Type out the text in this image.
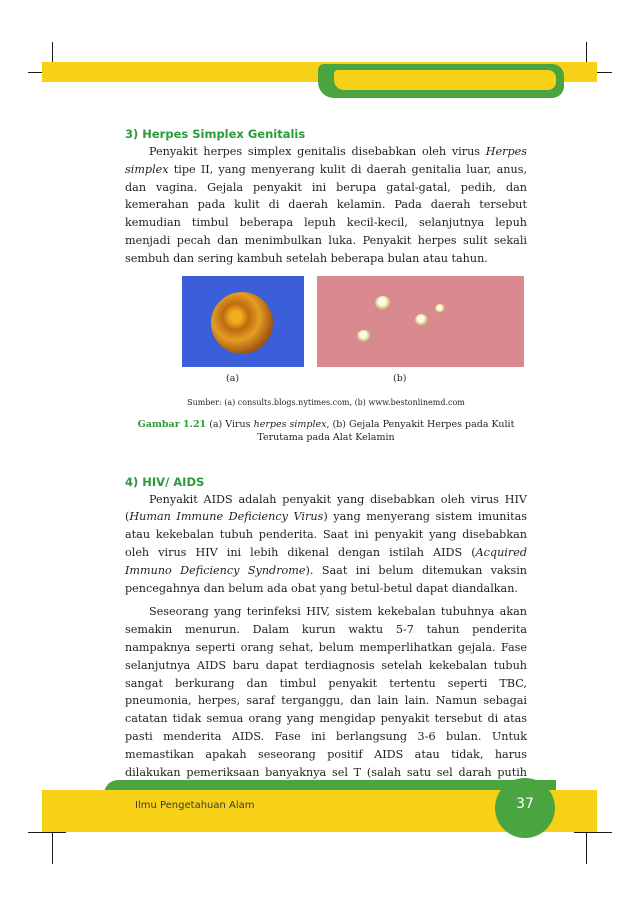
3) Herpes Simplex Genitalis

Penyakit herpes simplex genitalis disebabkan oleh virus Herpes simplex tipe II, yang menyerang kulit di daerah genitalia luar, anus, dan vagina. Gejala penyakit ini berupa gatal-gatal, pedih, dan kemerahan pada kulit di daerah kelamin. Pada daerah tersebut kemudian timbul beberapa lepuh kecil-kecil, selanjutnya lepuh menjadi pecah dan menimbulkan luka. Penyakit herpes sulit sekali sembuh dan sering kambuh setelah beberapa bulan atau tahun.

(a)	(b)
Sumber: (a) consults.blogs.nytimes.com, (b) www.bestonlinemd.com
Gambar 1.21 (a) Virus herpes simplex, (b) Gejala Penyakit Herpes pada Kulit
Terutama pada Alat Kelamin
4) HIV/ AIDS

Penyakit AIDS adalah penyakit yang disebabkan oleh virus HIV (Human Immune Deficiency Virus) yang menyerang sistem imunitas atau kekebalan tubuh penderita. Saat ini penyakit yang disebabkan oleh virus HIV ini lebih dikenal dengan istilah AIDS (Acquired Immuno Deficiency Syndrome). Saat ini belum ditemukan vaksin pencegahnya dan belum ada obat yang betul-betul dapat diandalkan.

Seseorang yang terinfeksi HIV, sistem kekebalan tubuhnya akan semakin menurun. Dalam kurun waktu 5-7 tahun penderita nampaknya seperti orang sehat, belum memperlihatkan gejala. Fase selanjutnya AIDS baru dapat terdiagnosis setelah kekebalan tubuh sangat berkurang dan timbul penyakit tertentu seperti TBC, pneumonia, herpes, saraf terganggu, dan lain lain. Namun sebagai catatan tidak semua orang yang mengidap penyakit tersebut di atas pasti menderita AIDS. Fase ini berlangsung 3-6 bulan. Untuk memastikan apakah seseorang positif AIDS atau tidak, harus dilakukan pemeriksaan banyaknya sel T (salah satu sel darah putih

37
Ilmu Pengetahuan Alam
